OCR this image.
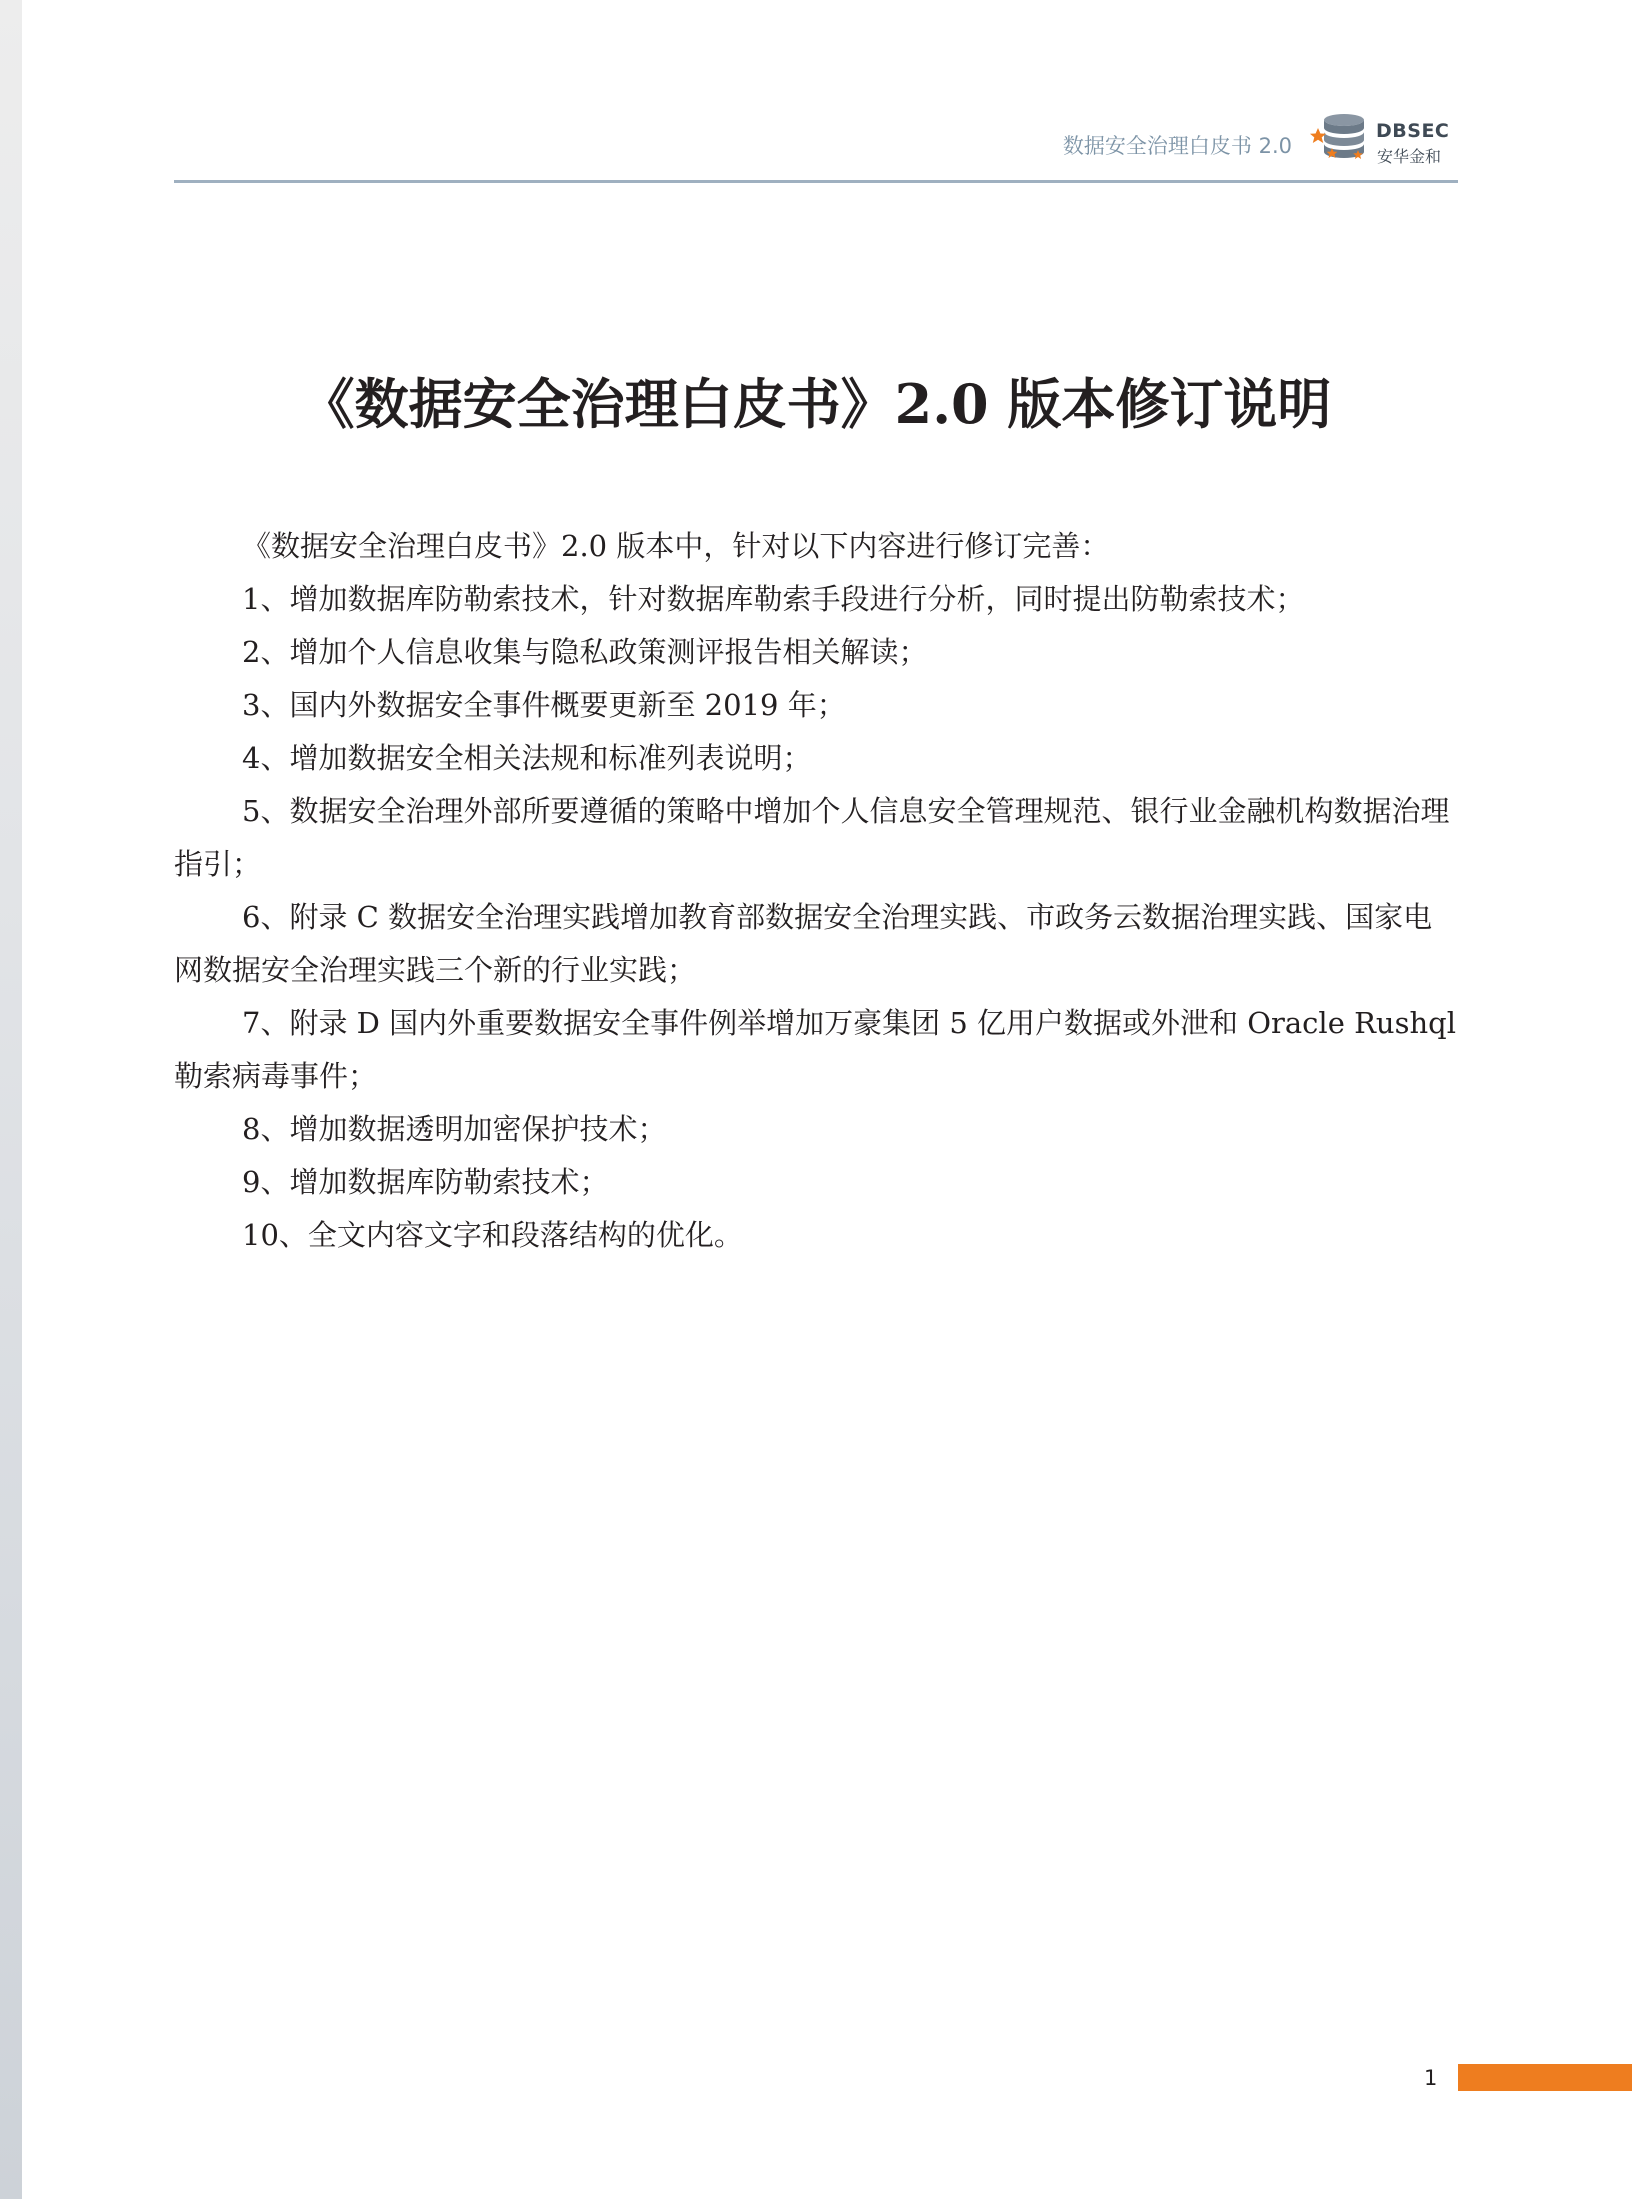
数据安全治理白皮书 2.0
DBSEC
安华金和
《数据安全治理白皮书》2.0 版本修订说明

《数据安全治理白皮书》2.0 版本中，针对以下内容进行修订完善：

1、增加数据库防勒索技术，针对数据库勒索手段进行分析，同时提出防勒索技术；

2、增加个人信息收集与隐私政策测评报告相关解读；

3、国内外数据安全事件概要更新至 2019 年；

4、增加数据安全相关法规和标准列表说明；

5、数据安全治理外部所要遵循的策略中增加个人信息安全管理规范、银行业金融机构数据治理指引；

6、附录 C 数据安全治理实践增加教育部数据安全治理实践、市政务云数据治理实践、国家电网数据安全治理实践三个新的行业实践；

7、附录 D 国内外重要数据安全事件例举增加万豪集团 5 亿用户数据或外泄和 Oracle Rushql 勒索病毒事件；

8、增加数据透明加密保护技术；

9、增加数据库防勒索技术；

10、全文内容文字和段落结构的优化。

1
